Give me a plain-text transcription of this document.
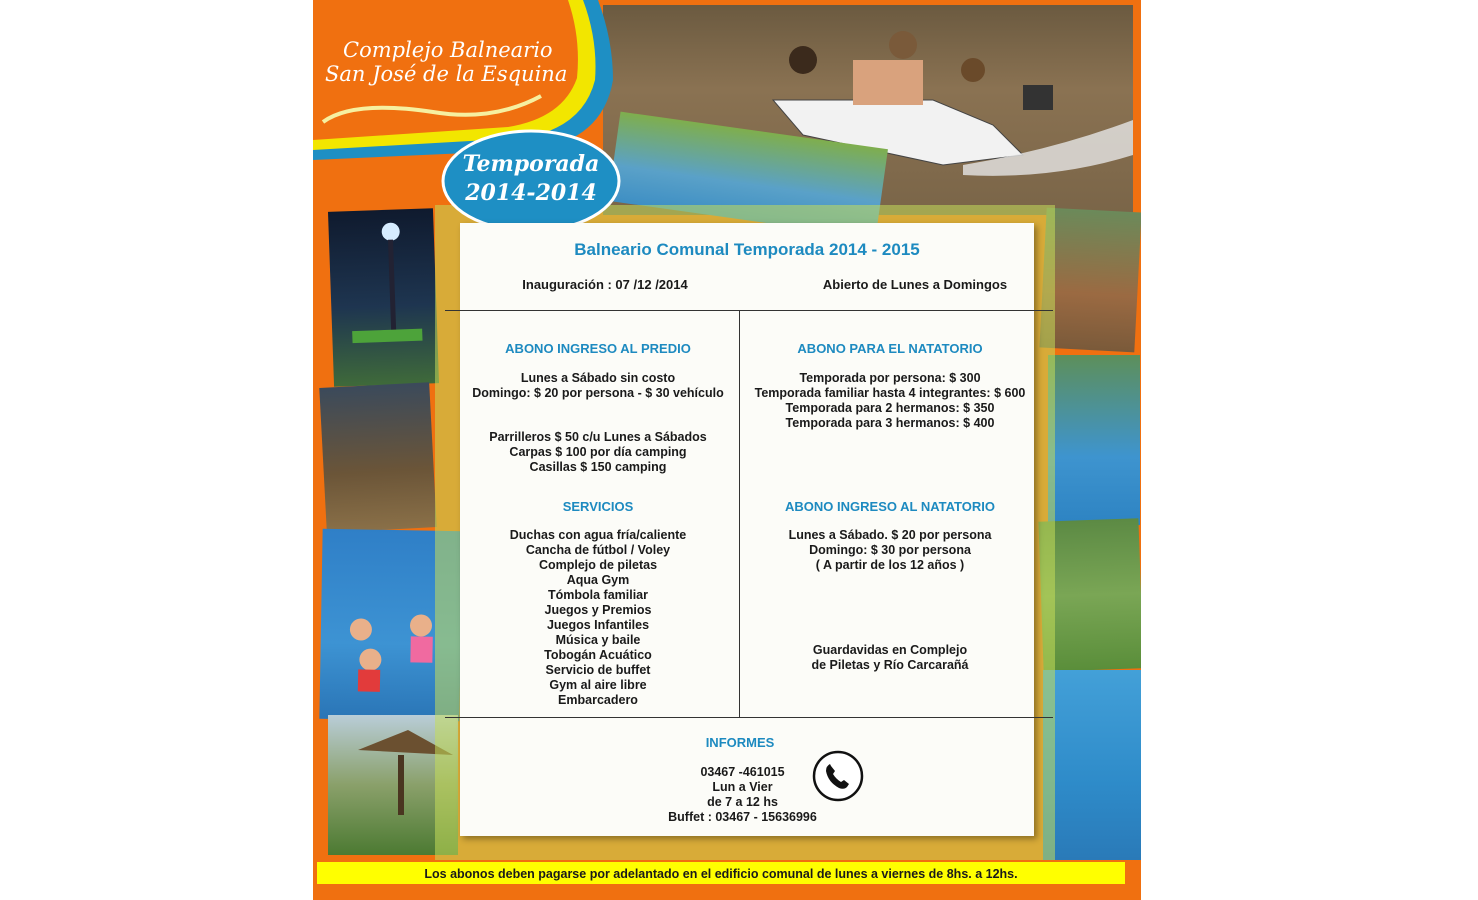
Complejo Balneario
San José de la Esquina
Temporada
2014-2014
Los abonos deben pagarse por adelantado en el edificio comunal de lunes a viernes de 8hs. a 12hs.
Balneario Comunal Temporada 2014 - 2015
Inauguración : 07 /12 /2014	Abierto de Lunes a Domingos
ABONO INGRESO AL PREDIO
Lunes a Sábado sin costo
Domingo: $ 20 por persona - $ 30 vehículo
Parrilleros $ 50 c/u Lunes a Sábados
Carpas $ 100 por día camping
Casillas $ 150 camping
SERVICIOS
Duchas con agua fría/caliente
Cancha de fútbol / Voley
Complejo de piletas
Aqua Gym
Tómbola familiar
Juegos y Premios
Juegos Infantiles
Música y baile
Tobogán Acuático
Servicio de buffet
Gym al aire libre
Embarcadero
ABONO PARA EL NATATORIO
Temporada por persona: $ 300
Temporada familiar hasta 4 integrantes: $ 600
Temporada para 2 hermanos: $ 350
Temporada para 3 hermanos: $ 400
ABONO INGRESO AL NATATORIO
Lunes a Sábado. $ 20 por persona
Domingo: $ 30 por persona
( A partir de los 12 años )
Guardavidas en Complejo
de Piletas y Río Carcarañá
INFORMES
03467 -461015
Lun a Vier
de 7 a 12 hs
Buffet : 03467 - 15636996
